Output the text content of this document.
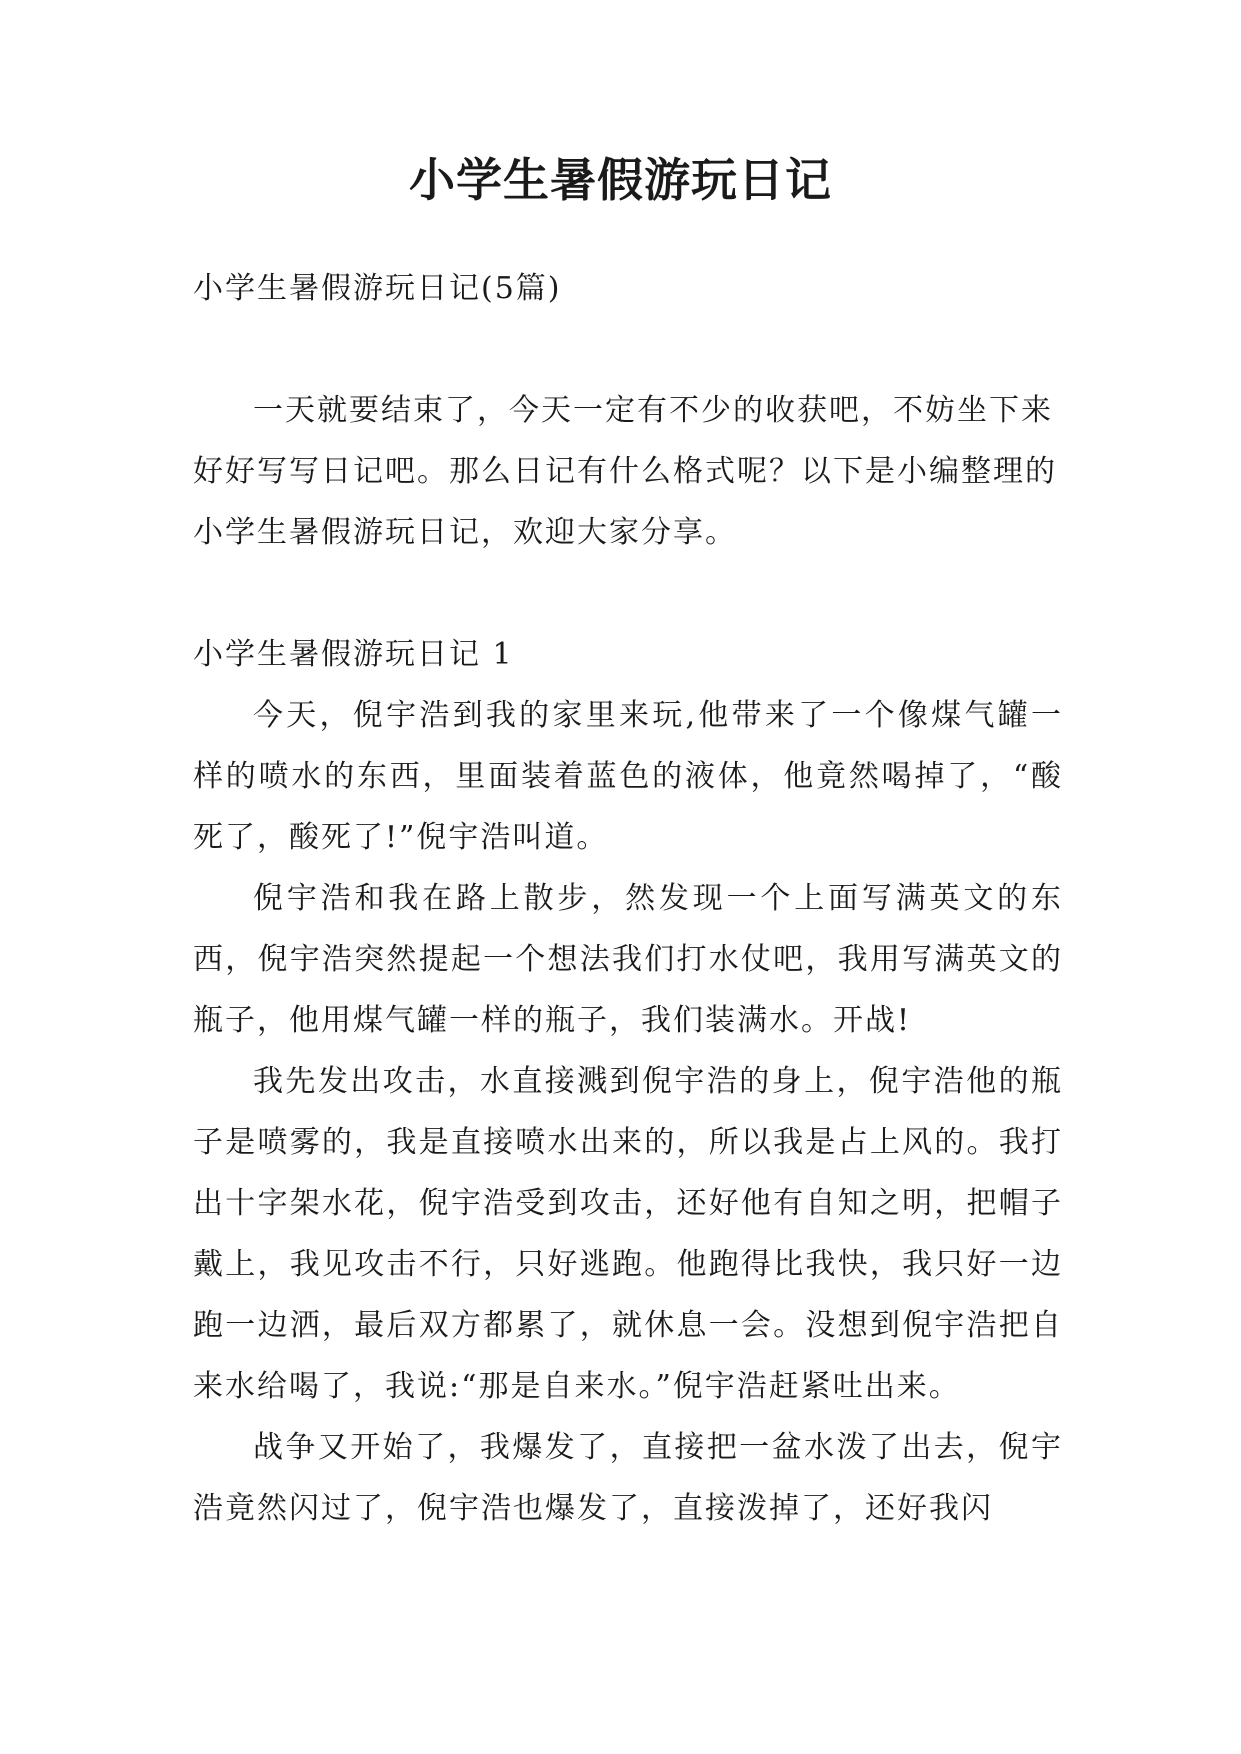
小学生暑假游玩日记

小学生暑假游玩日记(5篇)

一天就要结束了，今天一定有不少的收获吧，不妨坐下来好好写写日记吧。那么日记有什么格式呢？以下是小编整理的小学生暑假游玩日记，欢迎大家分享。

小学生暑假游玩日记 1

今天，倪宇浩到我的家里来玩,他带来了一个像煤气罐一样的喷水的东西，里面装着蓝色的液体，他竟然喝掉了，“酸死了，酸死了!”倪宇浩叫道。

倪宇浩和我在路上散步，然发现一个上面写满英文的东西，倪宇浩突然提起一个想法我们打水仗吧，我用写满英文的瓶子，他用煤气罐一样的瓶子，我们装满水。开战!

我先发出攻击，水直接溅到倪宇浩的身上，倪宇浩他的瓶子是喷雾的，我是直接喷水出来的，所以我是占上风的。我打出十字架水花，倪宇浩受到攻击，还好他有自知之明，把帽子戴上，我见攻击不行，只好逃跑。他跑得比我快，我只好一边跑一边洒，最后双方都累了，就休息一会。没想到倪宇浩把自来水给喝了，我说:“那是自来水。”倪宇浩赶紧吐出来。

战争又开始了，我爆发了，直接把一盆水泼了出去，倪宇浩竟然闪过了，倪宇浩也爆发了，直接泼掉了，还好我闪
